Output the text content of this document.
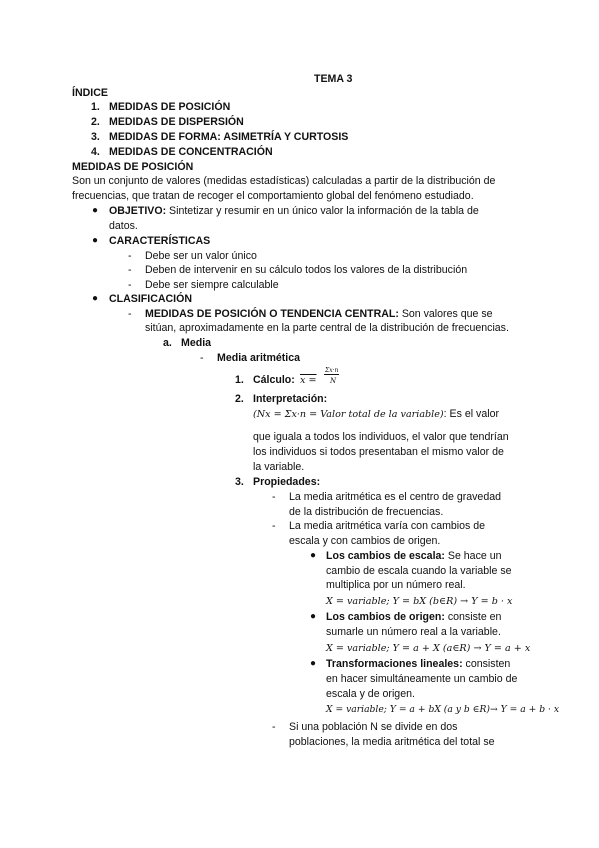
TEMA 3
ÍNDICE
1. MEDIDAS DE POSICIÓN
2. MEDIDAS DE DISPERSIÓN
3. MEDIDAS DE FORMA: ASIMETRÍA Y CURTOSIS
4. MEDIDAS DE CONCENTRACIÓN
MEDIDAS DE POSICIÓN
Son un conjunto de valores (medidas estadísticas) calculadas a partir de la distribución de
frecuencias, que tratan de recoger el comportamiento global del fenómeno estudiado.
● OBJETIVO: Sintetizar y resumir en un único valor la información de la tabla de
datos.
● CARACTERÍSTICAS
- Debe ser un valor único
- Deben de intervenir en su cálculo todos los valores de la distribución
- Debe ser siempre calculable
● CLASIFICACIÓN
- MEDIDAS DE POSICIÓN O TENDENCIA CENTRAL: Son valores que se
sitúan, aproximadamente en la parte central de la distribución de frecuencias.
a. Media
- Media aritmética
1. Cálculo: x =
Σx·n
N
2. Interpretación:
(Nx = Σx·n = Valor total de la variable): Es el valor
que iguala a todos los individuos, el valor que tendrían
los individuos si todos presentaban el mismo valor de
la variable.
3. Propiedades:
- La media aritmética es el centro de gravedad
de la distribución de frecuencias.
- La media aritmética varía con cambios de
escala y con cambios de origen.
● Los cambios de escala: Se hace un
cambio de escala cuando la variable se
multiplica por un número real.
X = variable; Y = bX (b∈R) → Y = b · x
● Los cambios de origen: consiste en
sumarle un número real a la variable.
X = variable; Y = a + X (a∈R) → Y = a + x
● Transformaciones lineales: consisten
en hacer simultáneamente un cambio de
escala y de origen.
X = variable; Y = a + bX (a y b ∈R)→ Y = a + b · x
- Si una población N se divide en dos
poblaciones, la media aritmética del total se
